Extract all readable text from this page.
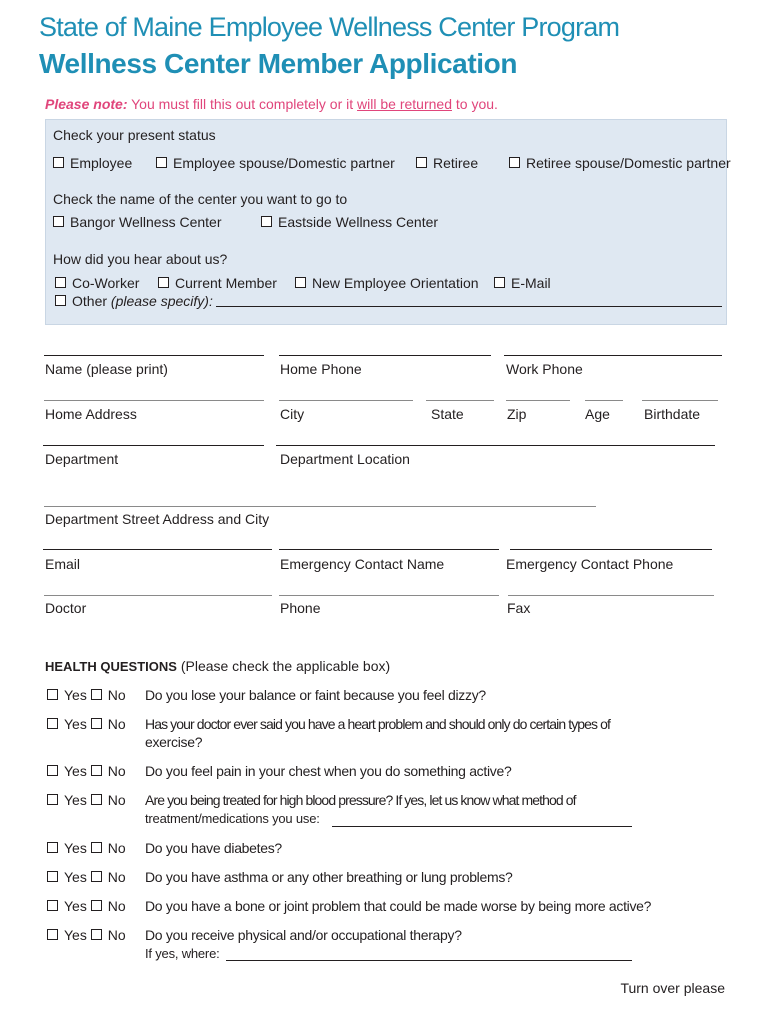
State of Maine Employee Wellness Center Program
Wellness Center Member Application
Please note: You must fill this out completely or it will be returned to you.
Check your present status
Employee	Employee spouse/Domestic partner	Retiree	Retiree spouse/Domestic partner
Check the name of the center you want to go to
Bangor Wellness Center	Eastside Wellness Center
How did you hear about us?
Co-Worker	Current Member	New Employee Orientation	E-Mail
Other (please specify):
Name (please print)	Home Phone	Work Phone
Home Address	City	State	Zip	Age Birthdate
Department	Department Location
Department Street Address and City
Email	Emergency Contact Name	Emergency Contact Phone
Doctor	Phone	Fax
HEALTH QUESTIONS (Please check the applicable box)
Yes No Do you lose your balance or faint because you feel dizzy?
Yes No Has your doctor ever said you have a heart problem and should only do certain types of
exercise?
Yes No Do you feel pain in your chest when you do something active?
Yes No Are you being treated for high blood pressure? If yes, let us know what method of
treatment/medications you use:
Yes No Do you have diabetes?
Yes No Do you have asthma or any other breathing or lung problems?
Yes No Do you have a bone or joint problem that could be made worse by being more active?
Yes No Do you receive physical and/or occupational therapy?
If yes, where:
Turn over please
